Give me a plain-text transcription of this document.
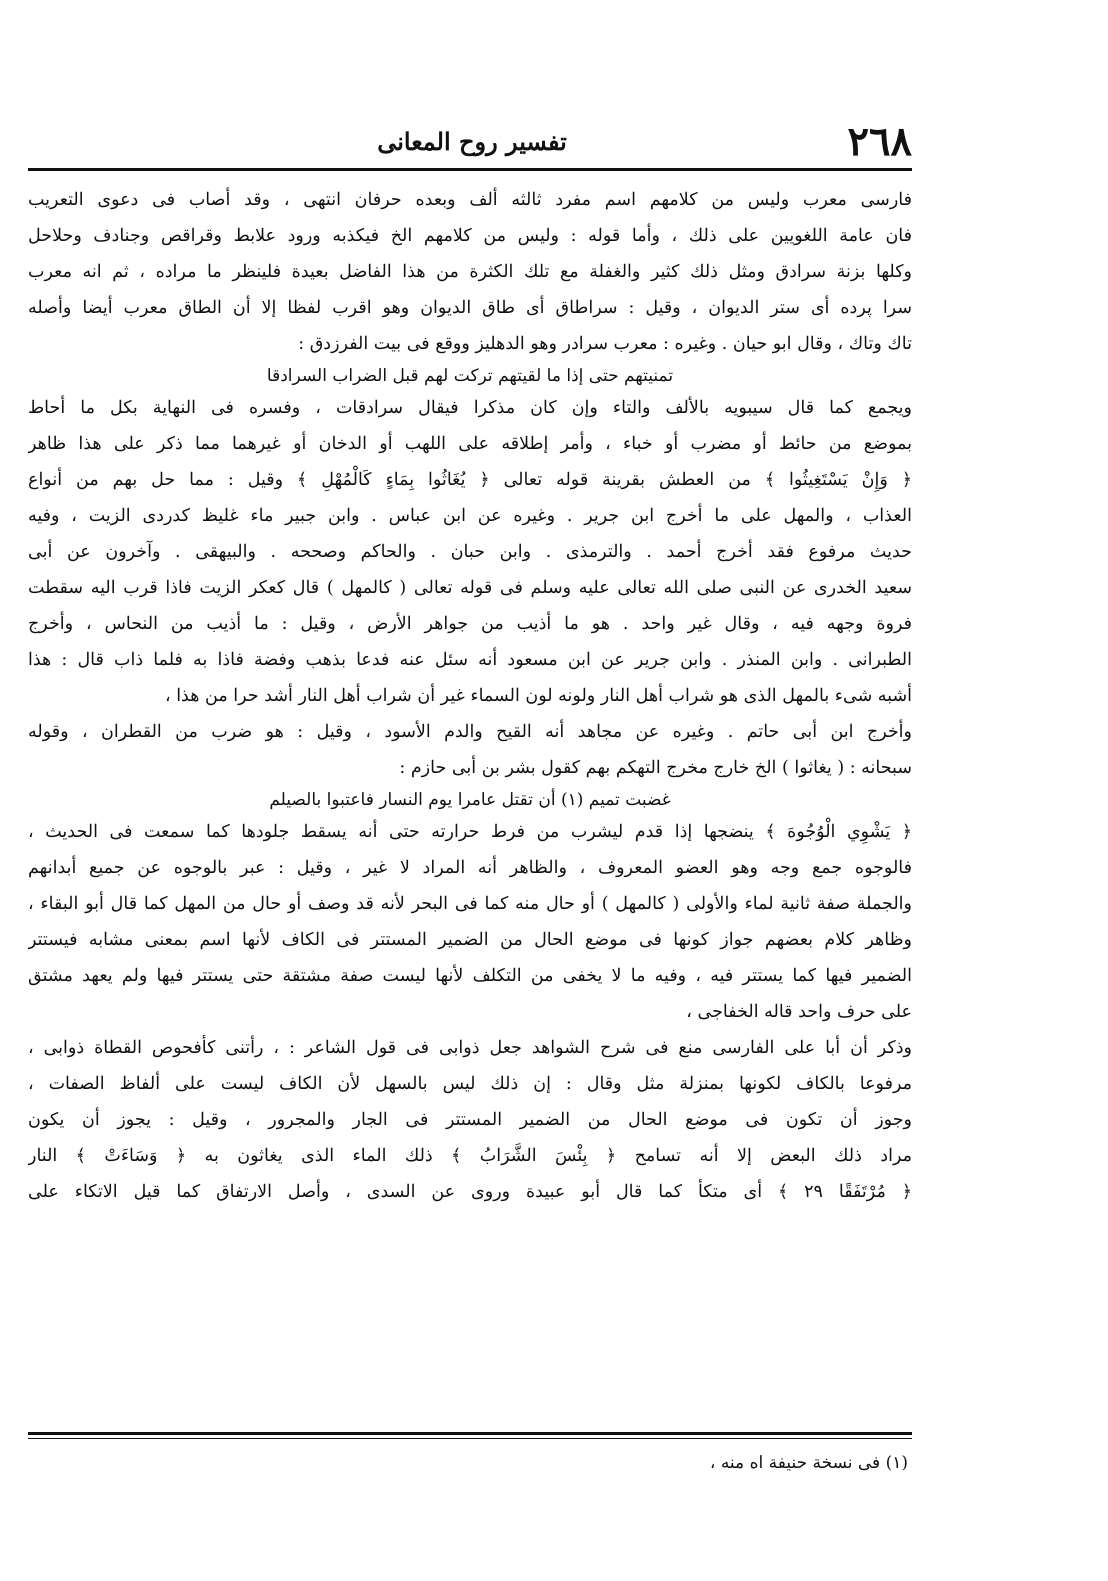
٢٦٨
تفسير روح المعانى
فارسى معرب وليس من كلامهم اسم مفرد ثالثه ألف وبعده حرفان انتهى ، وقد أصاب فى دعوى التعريب
فان عامة اللغويين على ذلك ، وأما قوله : وليس من كلامهم الخ فيكذبه ورود علابط وقراقص وجنادف وحلاحل
وكلها بزنة سرادق ومثل ذلك كثير والغفلة مع تلك الكثرة من هذا الفاضل بعيدة فلينظر ما مراده ، ثم انه معرب
سرا پرده أى ستر الديوان ، وقيل : سراطاق أى طاق الديوان وهو اقرب لفظا إلا أن الطاق معرب أيضا وأصله
تاك وتاك ، وقال ابو حيان . وغيره : معرب سرادر وهو الدهليز ووقع فى بيت الفرزدق :
تمنيتهم حتى إذا ما لقيتهم تركت لهم قبل الضراب السرادقا
ويجمع كما قال سيبويه بالألف والتاء وإن كان مذكرا فيقال سرادقات ، وفسره فى النهاية بكل ما أحاط
بموضع من حائط أو مضرب أو خباء ، وأمر إطلاقه على اللهب أو الدخان أو غيرهما مما ذكر على هذا ظاهر
﴿ وَإِنْ يَسْتَغِيثُوا ﴾ من العطش بقرينة قوله تعالى ﴿ يُغَاثُوا بِمَاءٍ كَالْمُهْلِ ﴾ وقيل : مما حل بهم من أنواع
العذاب ، والمهل على ما أخرج ابن جرير . وغيره عن ابن عباس . وابن جبير ماء غليظ كدردى الزيت ، وفيه
حديث مرفوع فقد أخرج أحمد . والترمذى . وابن حبان . والحاكم وصححه . والبيهقى . وآخرون عن أبى
سعيد الخدرى عن النبى صلى الله تعالى عليه وسلم فى قوله تعالى ( كالمهل ) قال كعكر الزيت فاذا قرب اليه سقطت
فروة وجهه فيه ، وقال غير واحد . هو ما أذيب من جواهر الأرض ، وقيل : ما أذيب من النحاس ، وأخرج
الطبرانى . وابن المنذر . وابن جرير عن ابن مسعود أنه سئل عنه فدعا بذهب وفضة فاذا به فلما ذاب قال : هذا
أشبه شىء بالمهل الذى هو شراب أهل النار ولونه لون السماء غير أن شراب أهل النار أشد حرا من هذا ،
وأخرج ابن أبى حاتم . وغيره عن مجاهد أنه القيح والدم الأسود ، وقيل : هو ضرب من القطران ، وقوله
سبحانه : ( يغاثوا ) الخ خارج مخرج التهكم بهم كقول بشر بن أبى حازم :
غضبت تميم (١) أن تقتل عامرا يوم النسار فاعتبوا بالصيلم
﴿ يَشْوِي الْوُجُوهَ ﴾ ينضجها إذا قدم ليشرب من فرط حرارته حتى أنه يسقط جلودها كما سمعت فى الحديث ،
فالوجوه جمع وجه وهو العضو المعروف ، والظاهر أنه المراد لا غير ، وقيل : عبر بالوجوه عن جميع أبدانهم
والجملة صفة ثانية لماء والأولى ( كالمهل ) أو حال منه كما فى البحر لأنه قد وصف أو حال من المهل كما قال أبو البقاء ،
وظاهر كلام بعضهم جواز كونها فى موضع الحال من الضمير المستتر فى الكاف لأنها اسم بمعنى مشابه فيستتر
الضمير فيها كما يستتر فيه ، وفيه ما لا يخفى من التكلف لأنها ليست صفة مشتقة حتى يستتر فيها ولم يعهد مشتق
على حرف واحد قاله الخفاجى ،
وذكر أن أبا على الفارسى منع فى شرح الشواهد جعل ذوابى فى قول الشاعر : ، رأتنى كأفحوص القطاة ذوابى ،
مرفوعا بالكاف لكونها بمنزلة مثل وقال : إن ذلك ليس بالسهل لأن الكاف ليست على ألفاظ الصفات ،
وجوز أن تكون فى موضع الحال من الضمير المستتر فى الجار والمجرور ، وقيل : يجوز أن يكون
مراد ذلك البعض إلا أنه تسامح ﴿ بِئْسَ الشَّرَابُ ﴾ ذلك الماء الذى يغاثون به ﴿ وَسَاءَتْ ﴾ النار
﴿ مُرْتَفَقًا ٢٩ ﴾ أى متكأ كما قال أبو عبيدة وروى عن السدى ، وأصل الارتفاق كما قيل الاتكاء على
(١) فى نسخة حنيفة اه منه ،
